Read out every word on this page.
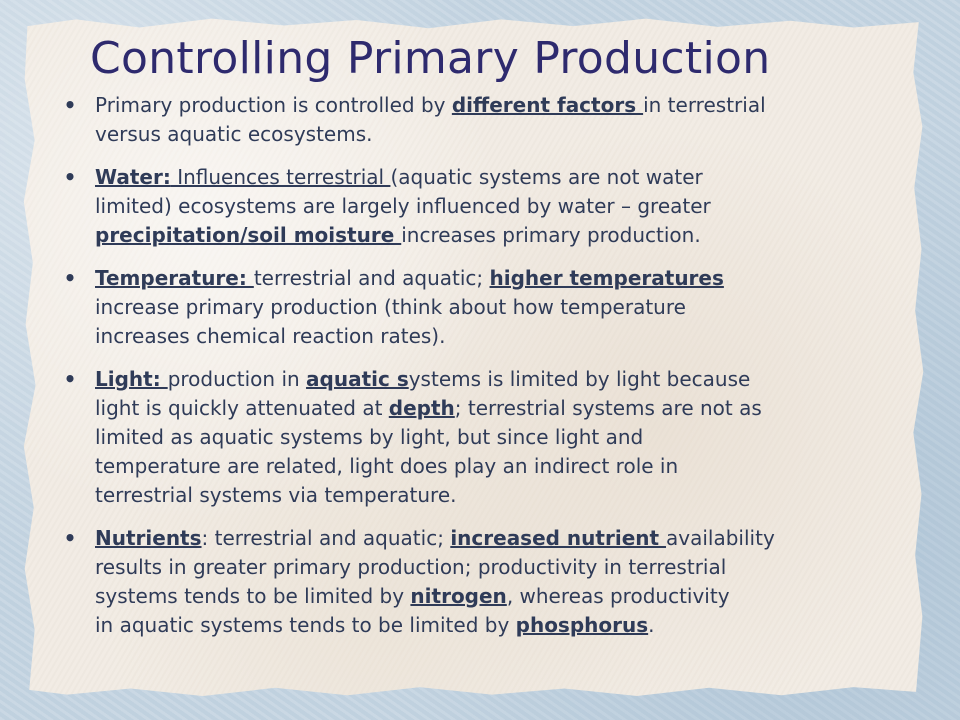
Controlling Primary Production
• Primary production is controlled by different factors in terrestrial
versus aquatic ecosystems.
• Water: Influences terrestrial (aquatic systems are not water
limited) ecosystems are largely influenced by water – greater
precipitation/soil moisture increases primary production.
• Temperature: terrestrial and aquatic; higher temperatures
increase primary production (think about how temperature
increases chemical reaction rates).
• Light: production in aquatic systems is limited by light because
light is quickly attenuated at depth; terrestrial systems are not as
limited as aquatic systems by light, but since light and
temperature are related, light does play an indirect role in
terrestrial systems via temperature.
• Nutrients: terrestrial and aquatic; increased nutrient availability
results in greater primary production; productivity in terrestrial
systems tends to be limited by nitrogen, whereas productivity
in aquatic systems tends to be limited by phosphorus.
